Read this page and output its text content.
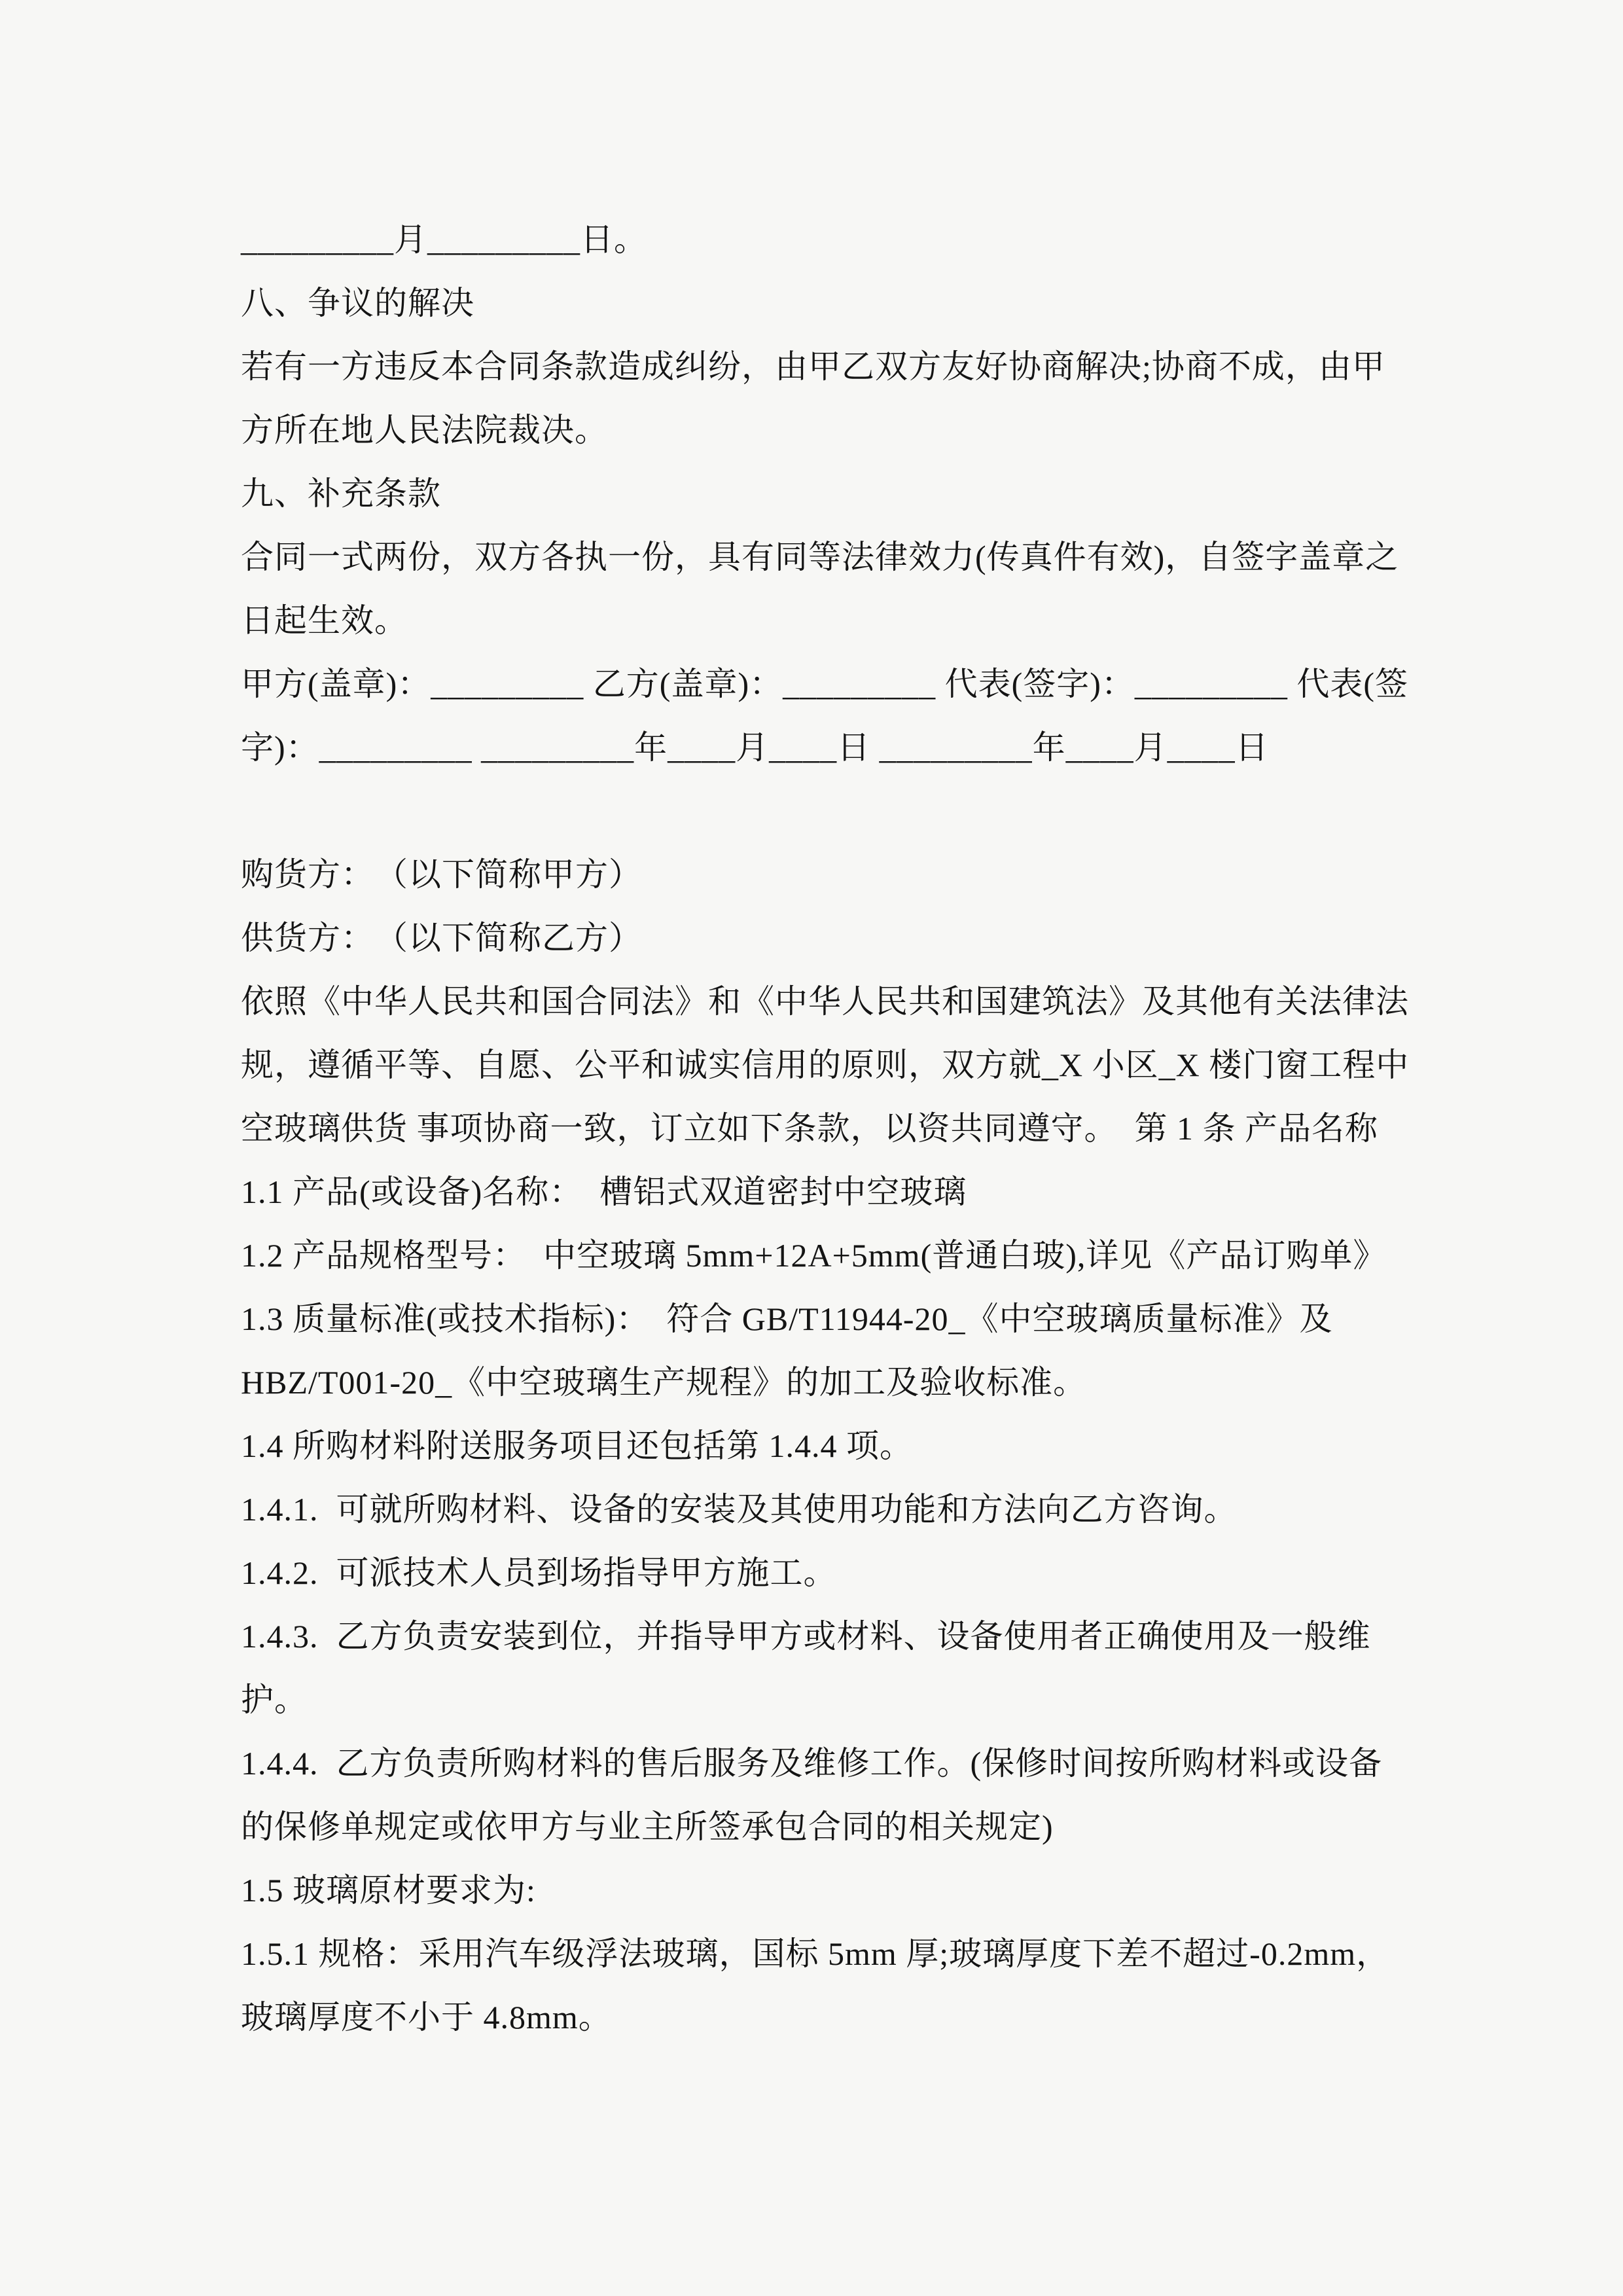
_________月_________日。
八、争议的解决
若有一方违反本合同条款造成纠纷，由甲乙双方友好协商解决;协商不成，由甲
方所在地人民法院裁决。
九、补充条款
合同一式两份，双方各执一份，具有同等法律效力(传真件有效)，自签字盖章之
日起生效。
甲方(盖章)：_________ 乙方(盖章)：_________ 代表(签字)：_________ 代表(签
字)：_________ _________年____月____日 _________年____月____日
购货方：　（以下简称甲方）
供货方：　（以下简称乙方）
依照《中华人民共和国合同法》和《中华人民共和国建筑法》及其他有关法律法
规，遵循平等、自愿、公平和诚实信用的原则，双方就_X 小区_X 楼门窗工程中
空玻璃供货 事项协商一致，订立如下条款，以资共同遵守。　第 1 条 产品名称
1.1 产品(或设备)名称：　槽铝式双道密封中空玻璃
1.2 产品规格型号：　中空玻璃 5mm+12A+5mm(普通白玻),详见《产品订购单》
1.3 质量标准(或技术指标)：　符合 GB/T11944-20_《中空玻璃质量标准》及
HBZ/T001-20_《中空玻璃生产规程》的加工及验收标准。
1.4 所购材料附送服务项目还包括第 1.4.4 项。
1.4.1.  可就所购材料、设备的安装及其使用功能和方法向乙方咨询。
1.4.2.  可派技术人员到场指导甲方施工。
1.4.3.  乙方负责安装到位，并指导甲方或材料、设备使用者正确使用及一般维
护。
1.4.4.  乙方负责所购材料的售后服务及维修工作。(保修时间按所购材料或设备
的保修单规定或依甲方与业主所签承包合同的相关规定)
1.5 玻璃原材要求为:
1.5.1 规格：采用汽车级浮法玻璃，国标 5mm 厚;玻璃厚度下差不超过-0.2mm，
玻璃厚度不小于 4.8mm。
